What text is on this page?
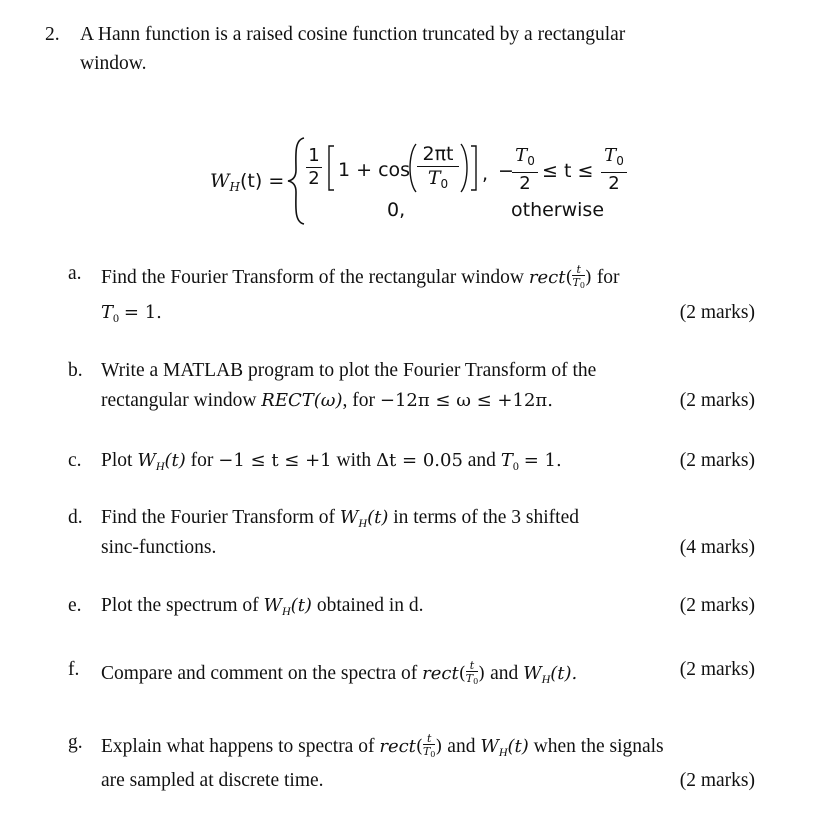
2. A Hann function is a raised cosine function truncated by a rectangular
window.
$W_H(t) = \frac{1}{2} 1 + \cos \frac{2\pi t}{T_0}$ , −
$\frac{T_0}{2} \le t \le \frac{T_0}{2}$
0,	otherwise
a. Find the Fourier Transform of the rectangular window rect( $\frac{t}{T0}$ ) for
$T_0 = 1$.	(2 marks)
b. Write a MATLAB program to plot the Fourier Transform of the
rectangular window RECT(ω), for −12π ≤ ω ≤ +12π.	(2 marks)
c. Plot $W_H(t)$ for −1 ≤ t ≤ +1 with Δt = 0.05 and $T_0 = 1$.	(2 marks)
d. Find the Fourier Transform of $W_H(t)$ in terms of the 3 shifted
sinc-functions.	(4 marks)
e. Plot the spectrum of $W_H(t)$ obtained in d.	(2 marks)
f. Compare and comment on the spectra of rect( $\frac{t}{T0}$ ) and $W_H(t)$.	(2 marks)
g. Explain what happens to spectra of rect( $\frac{t}{T0}$ ) and $W_H(t)$ when the signals
are sampled at discrete time.	(2 marks)
